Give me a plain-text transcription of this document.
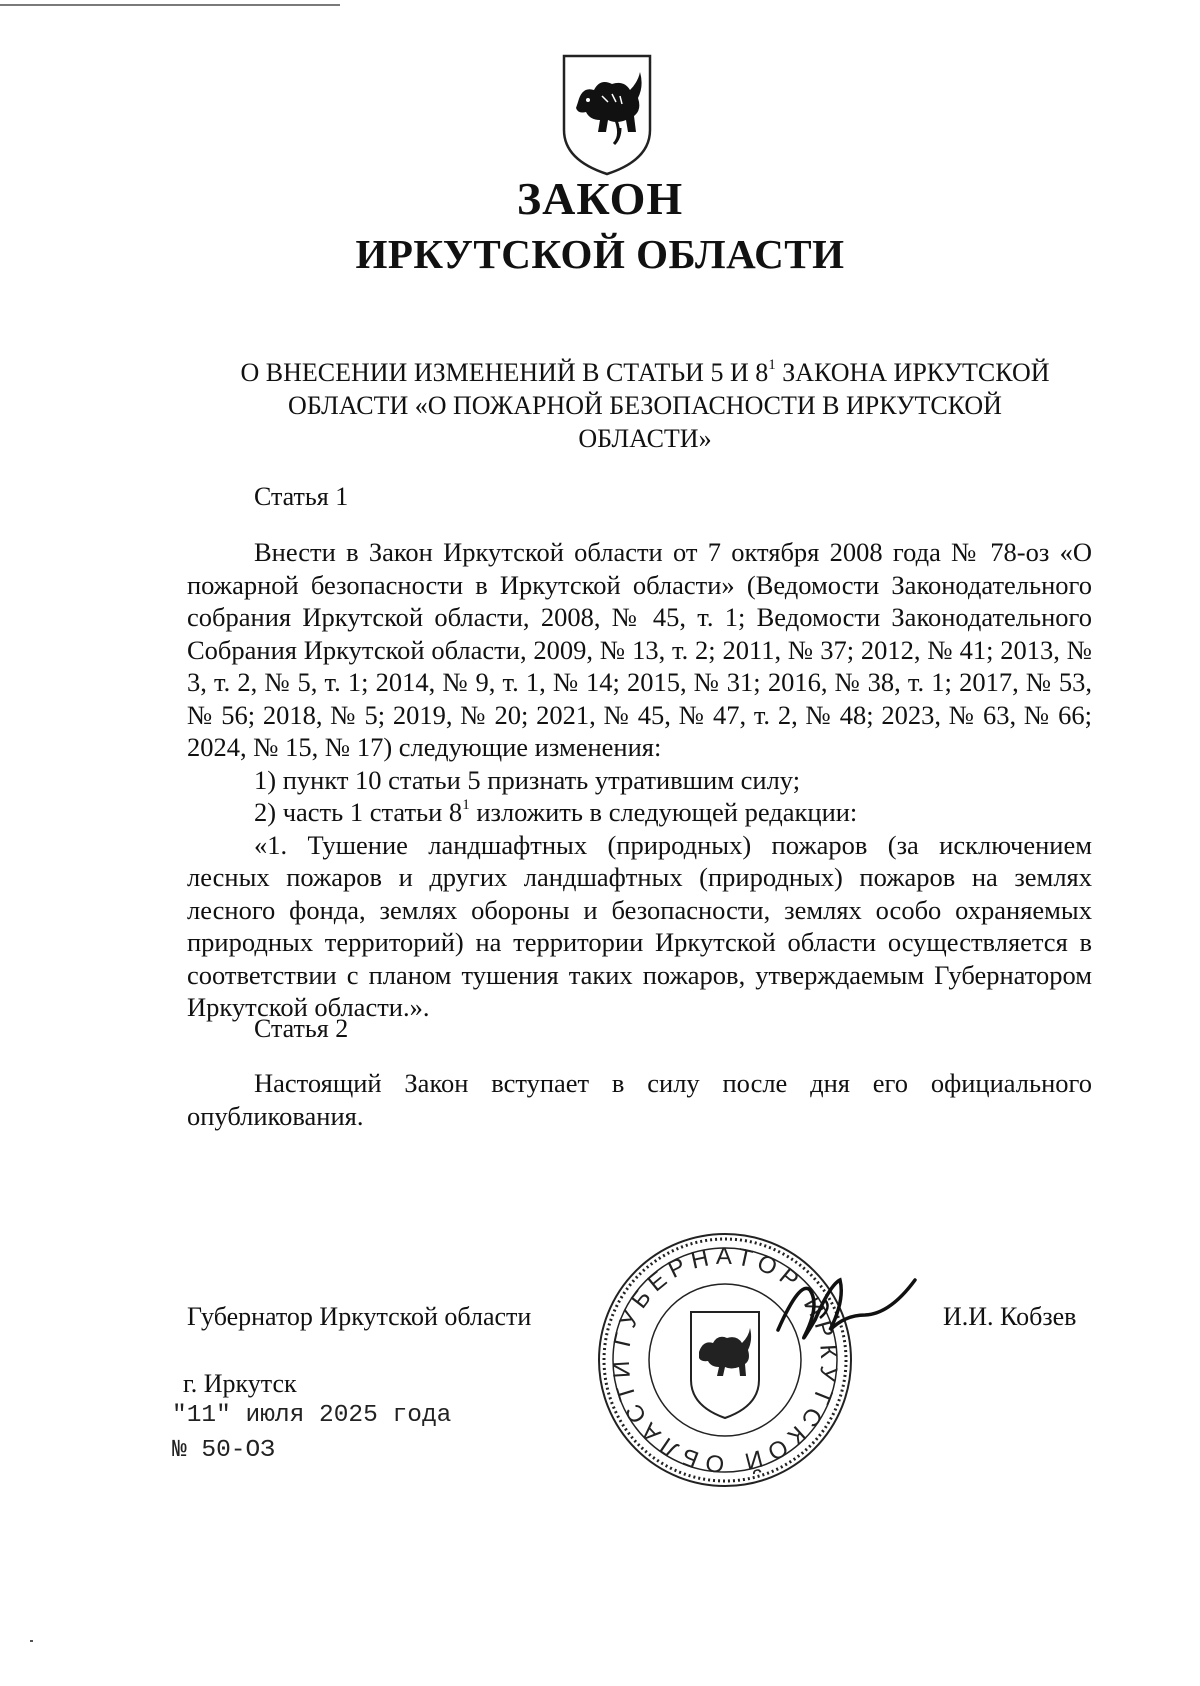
ЗАКОН
ИРКУТСКОЙ ОБЛАСТИ
О ВНЕСЕНИИ ИЗМЕНЕНИЙ В СТАТЬИ 5 И $8^1$ ЗАКОНА ИРКУТСКОЙ
ОБЛАСТИ «О ПОЖАРНОЙ БЕЗОПАСНОСТИ В ИРКУТСКОЙ
ОБЛАСТИ»
Статья 1

Внести в Закон Иркутской области от 7 октября 2008 года № 78-оз «О пожарной безопасности в Иркутской области» (Ведомости Законодательного собрания Иркутской области, 2008, № 45, т. 1; Ведомости Законодательного Собрания Иркутской области, 2009, № 13, т. 2; 2011, № 37; 2012, № 41; 2013, № 3, т. 2, № 5, т. 1; 2014, № 9, т. 1, № 14; 2015, № 31; 2016, № 38, т. 1; 2017, № 53, № 56; 2018, № 5; 2019, № 20; 2021, № 45, № 47, т. 2, № 48; 2023, № 63, № 66; 2024, № 15, № 17) следующие изменения:

1) пункт 10 статьи 5 признать утратившим силу;

2) часть 1 статьи $8^1$ изложить в следующей редакции:

«1. Тушение ландшафтных (природных) пожаров (за исключением лесных пожаров и других ландшафтных (природных) пожаров на землях лесного фонда, землях обороны и безопасности, землях особо охраняемых природных территорий) на территории Иркутской области осуществляется в соответствии с планом тушения таких пожаров, утверждаемым Губернатором Иркутской области.».

Статья 2

Настоящий Закон вступает в силу после дня его официального опубликования.

Губернатор Иркутской области	И.И. Кобзев
г. Иркутск
"11" июля 2025 года
№ 50-ОЗ
ГУБЕРНАТОР ИРКУТСКОЙ ОБЛАСТИ
